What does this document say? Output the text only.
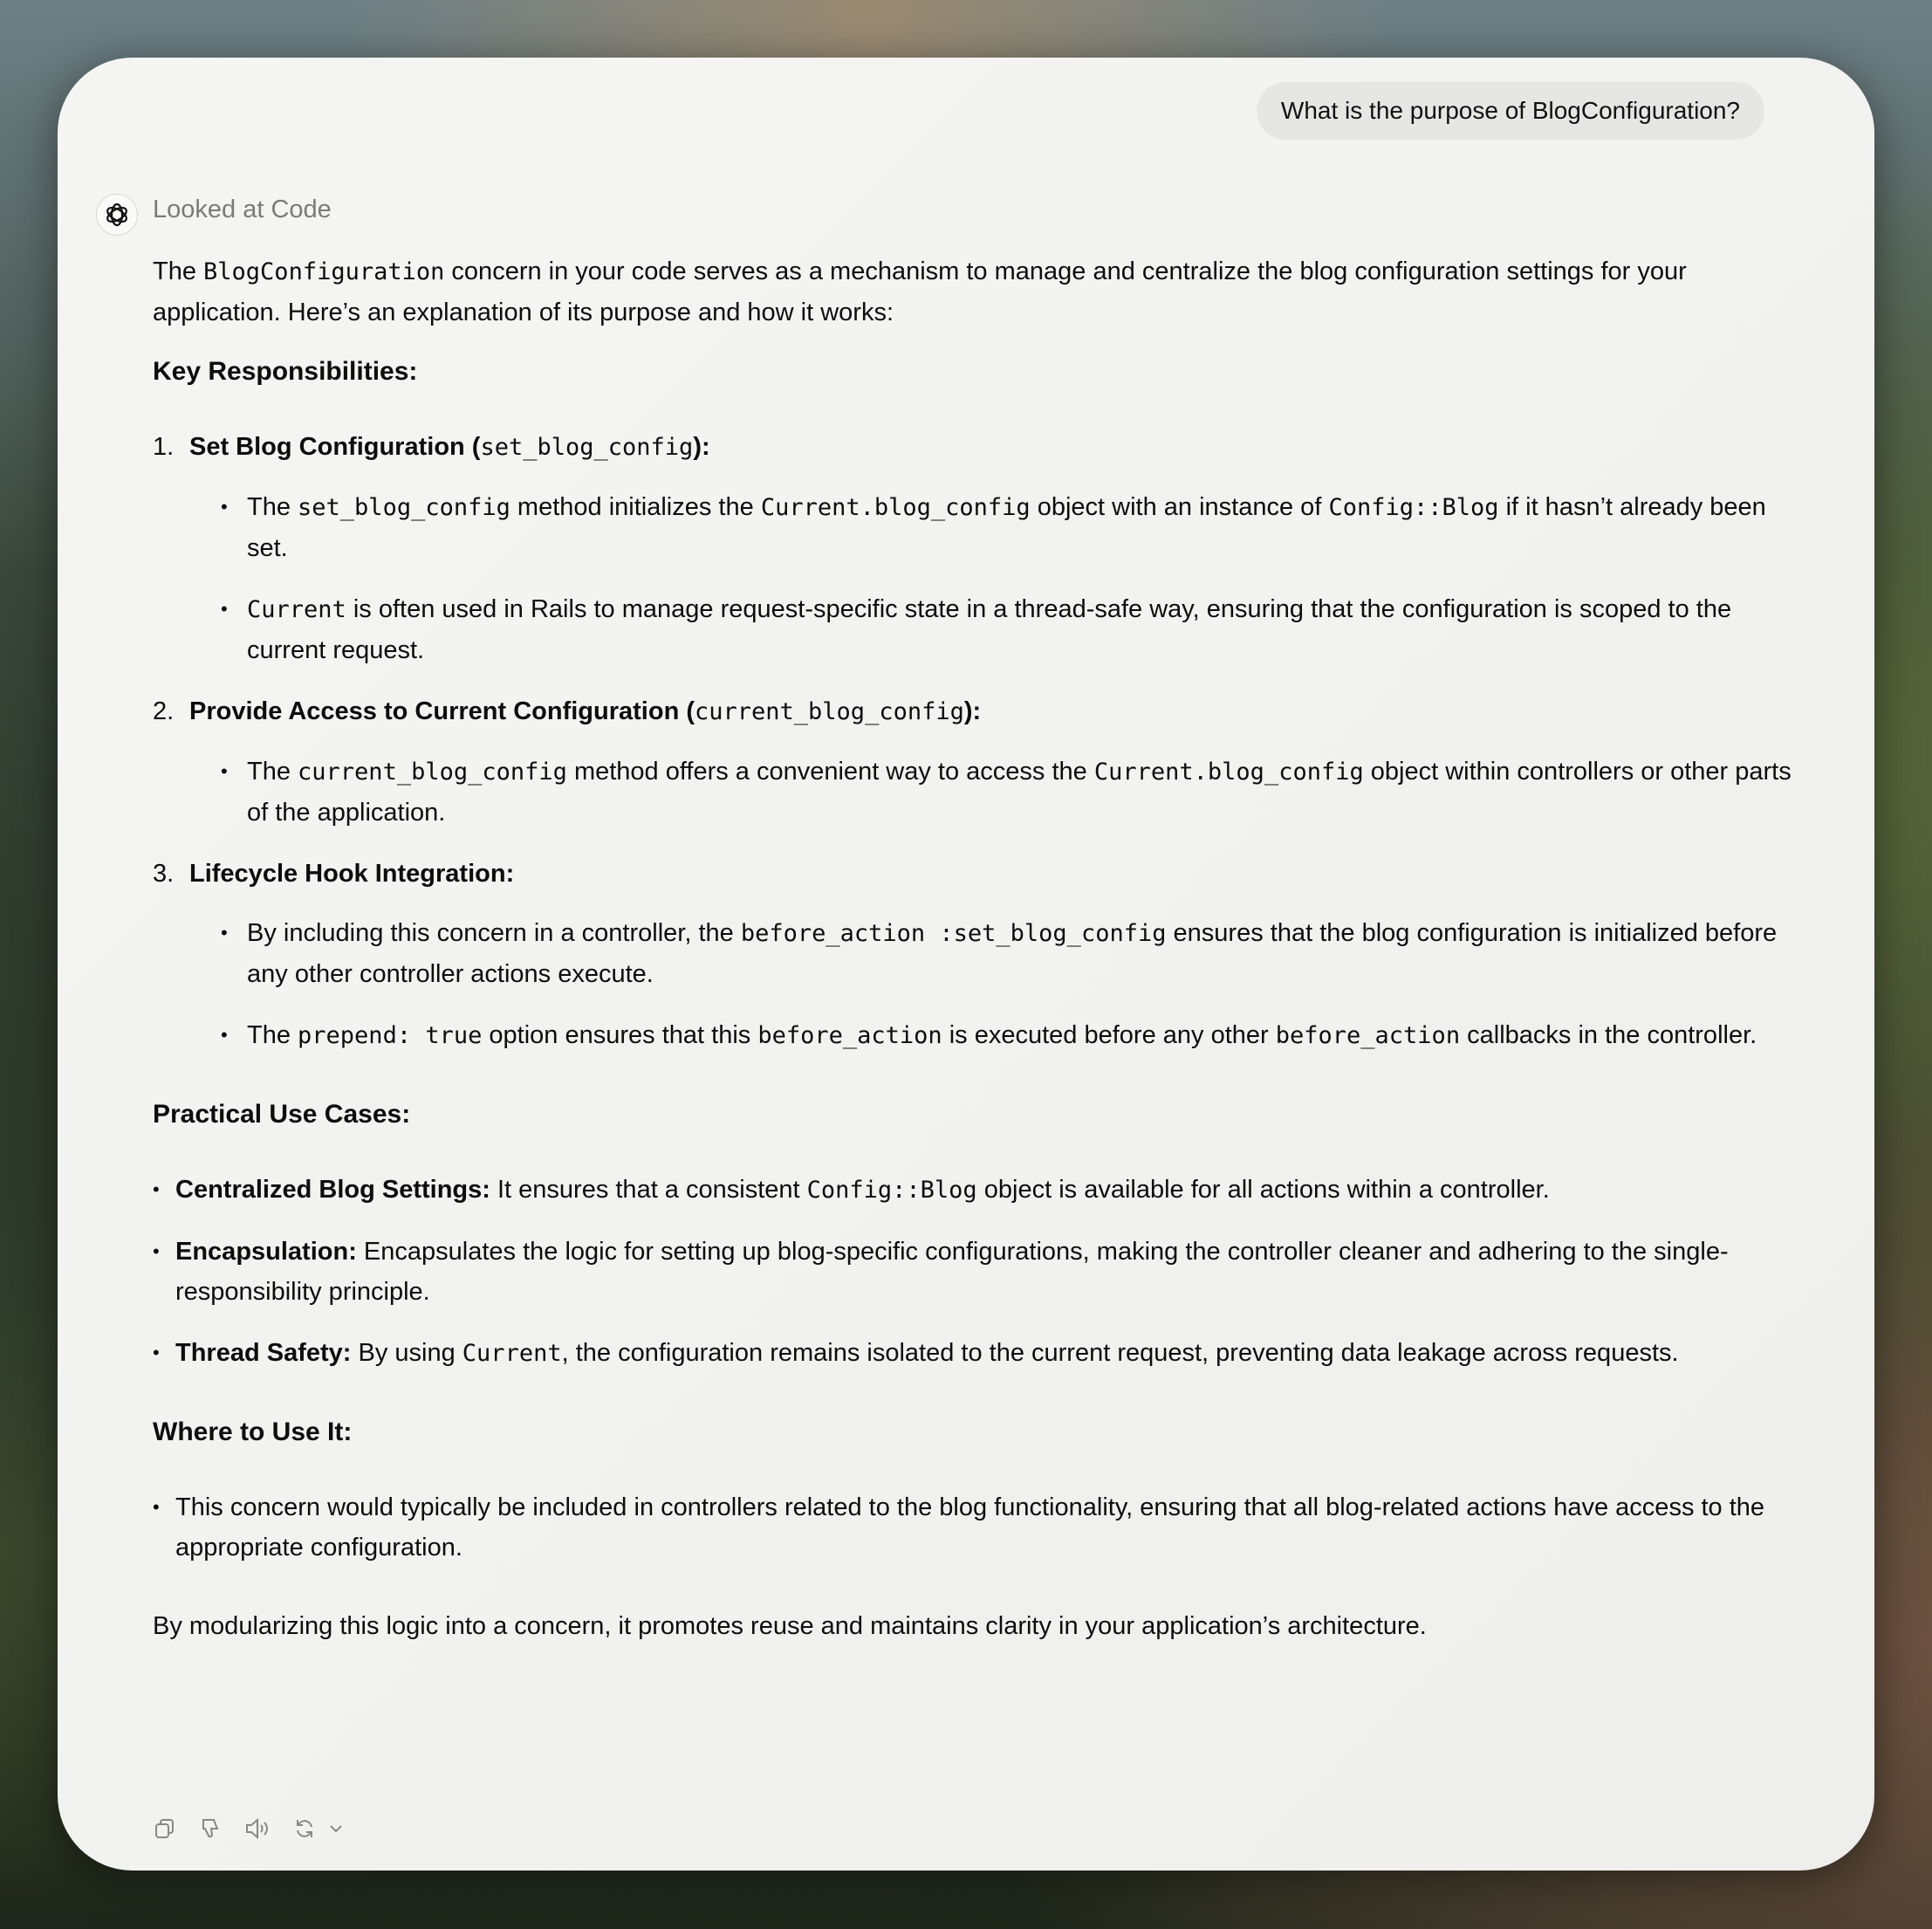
What is the purpose of BlogConfiguration?
Looked at Code

The BlogConfiguration concern in your code serves as a mechanism to manage and centralize the blog configuration settings for your application. Here’s an explanation of its purpose and how it works:

Key Responsibilities:

1. Set Blog Configuration (set_blog_config):
• The set_blog_config method initializes the Current.blog_config object with an instance of Config::Blog if it hasn’t already been set.
• Current is often used in Rails to manage request-specific state in a thread-safe way, ensuring that the configuration is scoped to the current request.
2. Provide Access to Current Configuration (current_blog_config):
• The current_blog_config method offers a convenient way to access the Current.blog_config object within controllers or other parts of the application.
3. Lifecycle Hook Integration:
• By including this concern in a controller, the before_action :set_blog_config ensures that the blog configuration is initialized before any other controller actions execute.
• The prepend: true option ensures that this before_action is executed before any other before_action callbacks in the controller.

Practical Use Cases:

• Centralized Blog Settings: It ensures that a consistent Config::Blog object is available for all actions within a controller.
• Encapsulation: Encapsulates the logic for setting up blog-specific configurations, making the controller cleaner and adhering to the single-responsibility principle.
• Thread Safety: By using Current, the configuration remains isolated to the current request, preventing data leakage across requests.

Where to Use It:

• This concern would typically be included in controllers related to the blog functionality, ensuring that all blog-related actions have access to the appropriate configuration.

By modularizing this logic into a concern, it promotes reuse and maintains clarity in your application’s architecture.
